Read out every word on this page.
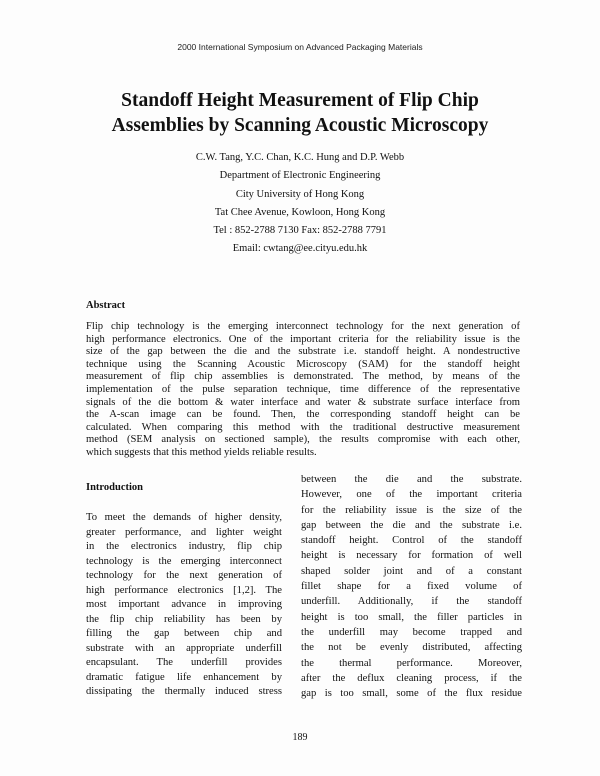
2000 International Symposium on Advanced Packaging Materials
Standoff Height Measurement of Flip Chip
Assemblies by Scanning Acoustic Microscopy
C.W. Tang, Y.C. Chan, K.C. Hung and D.P. Webb
Department of Electronic Engineering
City University of Hong Kong
Tat Chee Avenue, Kowloon, Hong Kong
Tel : 852-2788 7130 Fax: 852-2788 7791
Email: cwtang@ee.cityu.edu.hk
Abstract
Flip chip technology is the emerging interconnect technology for the next generation of
high performance electronics. One of the important criteria for the reliability issue is the
size of the gap between the die and the substrate i.e. standoff height. A nondestructive
technique using the Scanning Acoustic Microscopy (SAM) for the standoff height
measurement of flip chip assemblies is demonstrated. The method, by means of the
implementation of the pulse separation technique, time difference of the representative
signals of the die bottom & water interface and water & substrate surface interface from
the A-scan image can be found. Then, the corresponding standoff height can be
calculated. When comparing this method with the traditional destructive measurement
method (SEM analysis on sectioned sample), the results compromise with each other,
which suggests that this method yields reliable results.
Introduction
To meet the demands of higher density,
greater performance, and lighter weight
in the electronics industry, flip chip
technology is the emerging interconnect
technology for the next generation of
high performance electronics [1,2]. The
most important advance in improving
the flip chip reliability has been by
filling the gap between chip and
substrate with an appropriate underfill
encapsulant. The underfill provides
dramatic fatigue life enhancement by
dissipating the thermally induced stress
between the die and the substrate.
However, one of the important criteria
for the reliability issue is the size of the
gap between the die and the substrate i.e.
standoff height. Control of the standoff
height is necessary for formation of well
shaped solder joint and of a constant
fillet shape for a fixed volume of
underfill. Additionally, if the standoff
height is too small, the filler particles in
the underfill may become trapped and
the not be evenly distributed, affecting
the thermal performance. Moreover,
after the deflux cleaning process, if the
gap is too small, some of the flux residue
189
